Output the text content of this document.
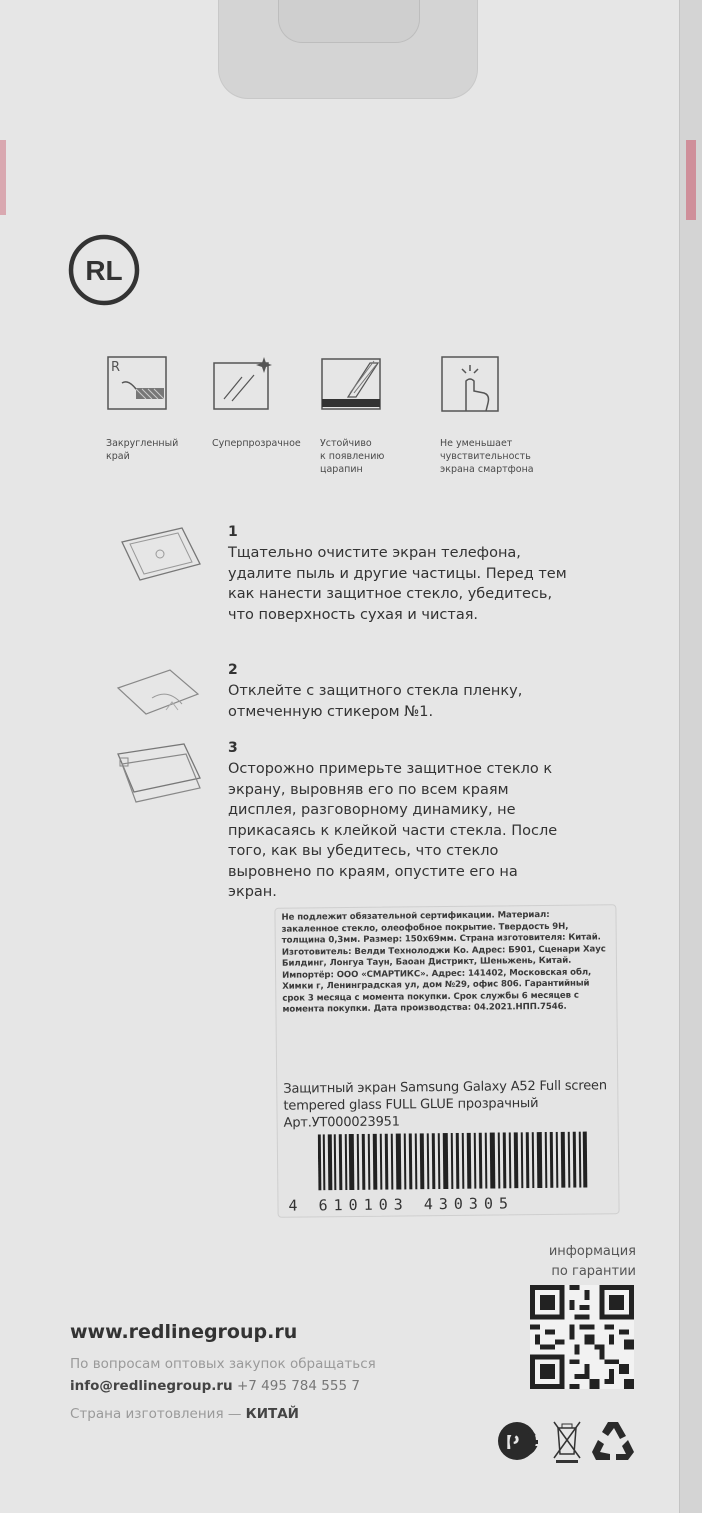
RL
R
Закругленный
край
Суперпрозрачное	Устойчиво
к появлению
царапин
Не уменьшает
чувствительность
экрана смартфона
1
Тщательно очистите экран телефона, удалите пыль и другие частицы. Перед тем как нанести защитное стекло, убедитесь, что поверхность сухая и чистая.
2
Отклейте с защитного стекла пленку, отмеченную стикером №1.
3
Осторожно примерьте защитное стекло к экрану, выровняв его по всем краям дисплея, разговорному динамику, не прикасаясь к клейкой части стекла. После того, как вы убедитесь, что стекло выровнено по краям, опустите его на экран.
Не подлежит обязательной сертификации. Материал: закаленное стекло, олеофобное покрытие. Твердость 9H, толщина 0,3мм. Размер: 150х69мм. Страна изготовителя: Китай. Изготовитель: Велди Технолоджи Ко. Адрес: Б901, Сценари Хаус Билдинг, Лонгуа Таун, Баоан Дистрикт, Шеньжень, Китай. Импортёр: ООО «СМАРТИКС». Адрес: 141402, Московская обл, Химки г, Ленинградская ул, дом №29, офис 806. Гарантийный срок 3 месяца с момента покупки. Срок службы 6 месяцев с момента покупки. Дата производства: 04.2021.НПП.7546.
Защитный экран Samsung Galaxy A52 Full screen tempered glass FULL GLUE прозрачный Арт.УТ000023951
4 610103 430305
информация
по гарантии
www.redlinegroup.ru
По вопросам оптовых закупок обращаться
info@redlinegroup.ru +7 495 784 555 7
Страна изготовления — КИТАЙ
P
